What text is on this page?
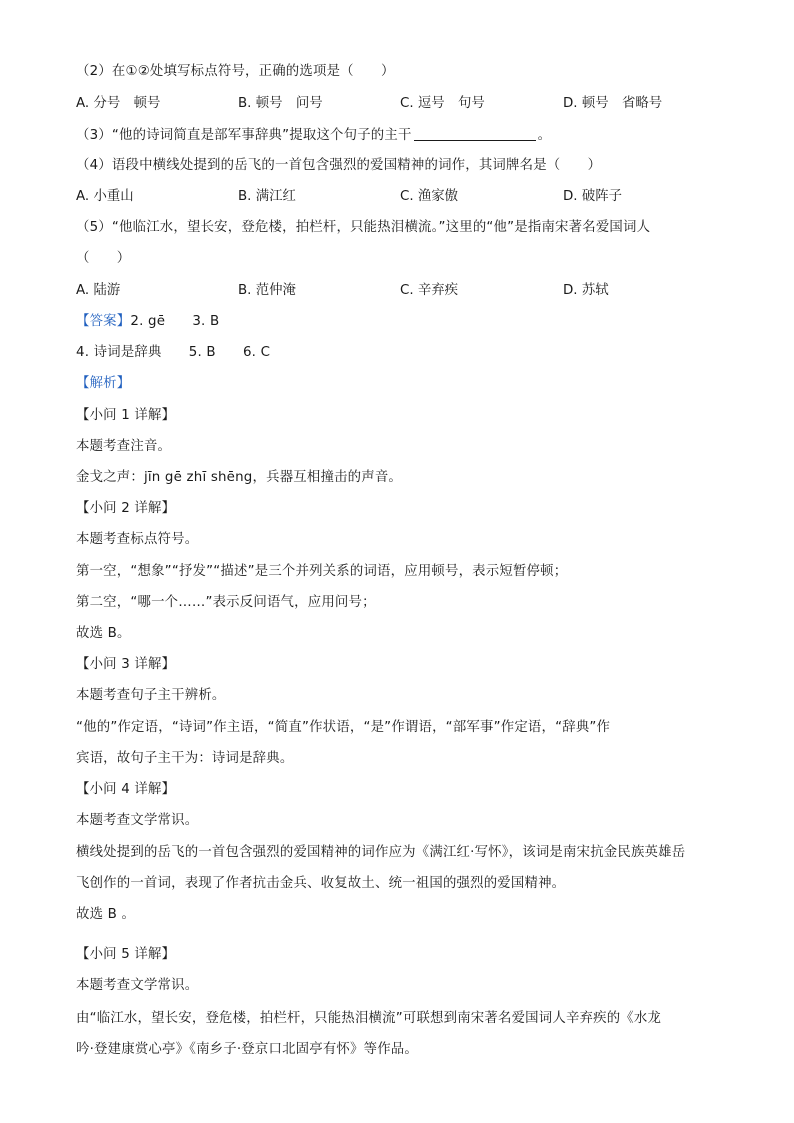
（2）在①②处填写标点符号，正确的选项是（　　）
A. 分号　顿号	B. 顿号　问号	C. 逗号　句号	D. 顿号　省略号
（3）“他的诗词简直是部军事辞典”提取这个句子的主干	。
（4）语段中横线处提到的岳飞的一首包含强烈的爱国精神的词作，其词牌名是（　　）
A. 小重山	B. 满江红	C. 渔家傲	D. 破阵子
（5）“他临江水，望长安，登危楼，拍栏杆，只能热泪横流。”这里的“他”是指南宋著名爱国词人
（　　）
A. 陆游	B. 范仲淹	C. 辛弃疾	D. 苏轼
【答案】2. gē　　3. B
4. 诗词是辞典　　5. B　　6. C
【解析】
【小问 1 详解】
本题考查注音。
金戈之声：jīn gē zhī shēng，兵器互相撞击的声音。
【小问 2 详解】
本题考查标点符号。
第一空，“想象”“抒发”“描述”是三个并列关系的词语，应用顿号，表示短暂停顿；
第二空，“哪一个……”表示反问语气，应用问号；
故选 B。
【小问 3 详解】
本题考查句子主干辨析。
“他的”作定语，“诗词”作主语，“简直”作状语，“是”作谓语，“部军事”作定语，“辞典”作
宾语，故句子主干为：诗词是辞典。
【小问 4 详解】
本题考查文学常识。
横线处提到的岳飞的一首包含强烈的爱国精神的词作应为《满江红·写怀》，该词是南宋抗金民族英雄岳
飞创作的一首词，表现了作者抗击金兵、收复故土、统一祖国的强烈的爱国精神。
故选 B 。
【小问 5 详解】
本题考查文学常识。
由“临江水，望长安，登危楼，拍栏杆，只能热泪横流”可联想到南宋著名爱国词人辛弃疾的《水龙
吟·登建康赏心亭》《南乡子·登京口北固亭有怀》等作品。
